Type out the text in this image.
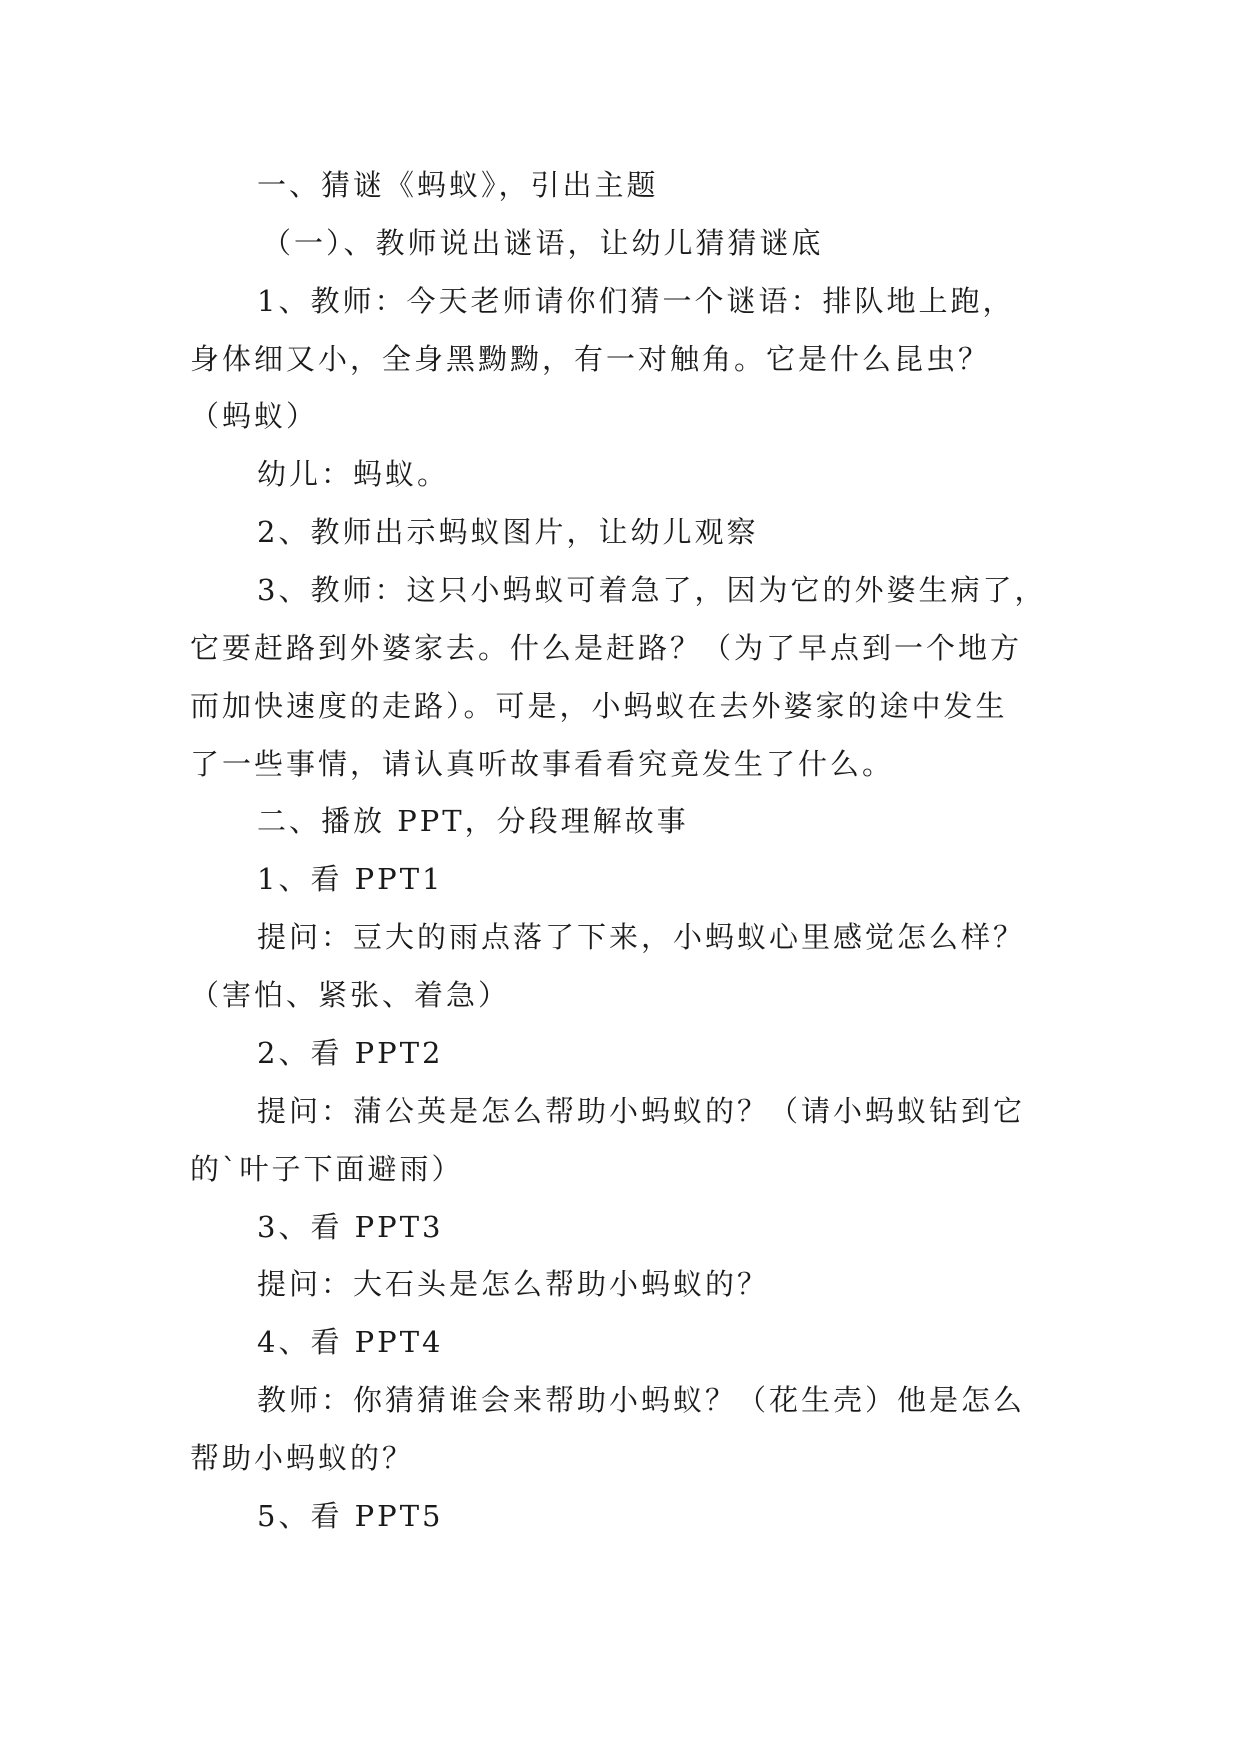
一、猜谜《蚂蚁》，引出主题
（一）、教师说出谜语，让幼儿猜猜谜底
1、教师：今天老师请你们猜一个谜语：排队地上跑，
身体细又小，全身黑黝黝，有一对触角。它是什么昆虫？
（蚂蚁）
幼儿：蚂蚁。
2、教师出示蚂蚁图片，让幼儿观察
3、教师：这只小蚂蚁可着急了，因为它的外婆生病了，
它要赶路到外婆家去。什么是赶路？（为了早点到一个地方
而加快速度的走路）。可是，小蚂蚁在去外婆家的途中发生
了一些事情，请认真听故事看看究竟发生了什么。
二、播放 PPT，分段理解故事
1、看 PPT1
提问：豆大的雨点落了下来，小蚂蚁心里感觉怎么样？
（害怕、紧张、着急）
2、看 PPT2
提问：蒲公英是怎么帮助小蚂蚁的？（请小蚂蚁钻到它
的`叶子下面避雨）
3、看 PPT3
提问：大石头是怎么帮助小蚂蚁的？
4、看 PPT4
教师：你猜猜谁会来帮助小蚂蚁？（花生壳）他是怎么
帮助小蚂蚁的？
5、看 PPT5
